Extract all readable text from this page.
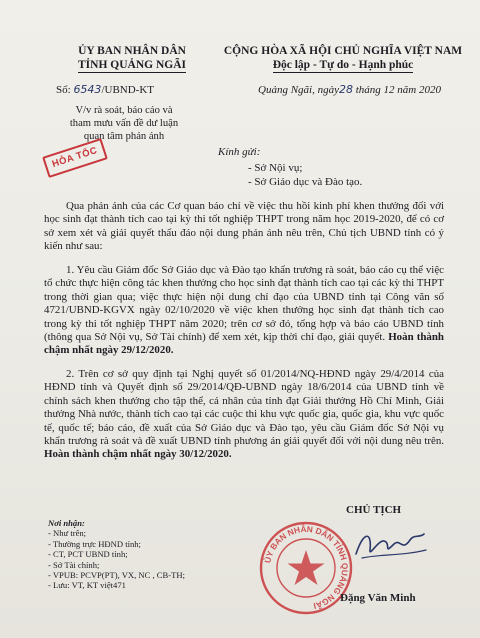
ỦY BAN NHÂN DÂN
TỈNH QUẢNG NGÃI
CỘNG HÒA XÃ HỘI CHỦ NGHĨA VIỆT NAM
Độc lập - Tự do - Hạnh phúc
Số: 6543/UBND-KT	Quảng Ngãi, ngày28 tháng 12 năm 2020
V/v rà soát, báo cáo và
tham mưu vấn đề dư luận
quan tâm phản ánh
HỎA TỐC	Kính gửi:
- Sở Nội vụ;
- Sở Giáo dục và Đào tạo.

Qua phản ánh của các Cơ quan báo chí về việc thu hồi kinh phí khen thưởng đối với học sinh đạt thành tích cao tại kỳ thi tốt nghiệp THPT trong năm học 2019-2020, để có cơ sở xem xét và giải quyết thấu đáo nội dung phản ánh nêu trên, Chủ tịch UBND tỉnh có ý kiến như sau:

1. Yêu cầu Giám đốc Sở Giáo dục và Đào tạo khẩn trương rà soát, báo cáo cụ thể việc tổ chức thực hiện công tác khen thưởng cho học sinh đạt thành tích cao tại các kỳ thi THPT trong thời gian qua; việc thực hiện nội dung chỉ đạo của UBND tỉnh tại Công văn số 4721/UBND-KGVX ngày 02/10/2020 về việc khen thưởng học sinh đạt thành tích cao trong kỳ thi tốt nghiệp THPT năm 2020; trên cơ sở đó, tổng hợp và báo cáo UBND tỉnh (thông qua Sở Nội vụ, Sở Tài chính) để xem xét, kịp thời chỉ đạo, giải quyết. Hoàn thành chậm nhất ngày 29/12/2020.

2. Trên cơ sở quy định tại Nghị quyết số 01/2014/NQ-HĐND ngày 29/4/2014 của HĐND tỉnh và Quyết định số 29/2014/QĐ-UBND ngày 18/6/2014 của UBND tỉnh về chính sách khen thưởng cho tập thể, cá nhân của tỉnh đạt Giải thưởng Hồ Chí Minh, Giải thưởng Nhà nước, thành tích cao tại các cuộc thi khu vực quốc gia, quốc gia, khu vực quốc tế, quốc tế; báo cáo, đề xuất của Sở Giáo dục và Đào tạo, yêu cầu Giám đốc Sở Nội vụ khẩn trương rà soát và đề xuất UBND tỉnh phương án giải quyết đối với nội dung nêu trên. Hoàn thành chậm nhất ngày 30/12/2020.

CHỦ TỊCH
ỦY BAN NHÂN DÂN TỈNH QUẢNG NGÃI
Đặng Văn Minh
Nơi nhận:
- Như trên;
- Thường trực HĐND tỉnh;
- CT, PCT UBND tỉnh;
- Sở Tài chính;
- VPUB: PCVP(PT), VX, NC , CB-TH;
- Lưu: VT, KT việt471
